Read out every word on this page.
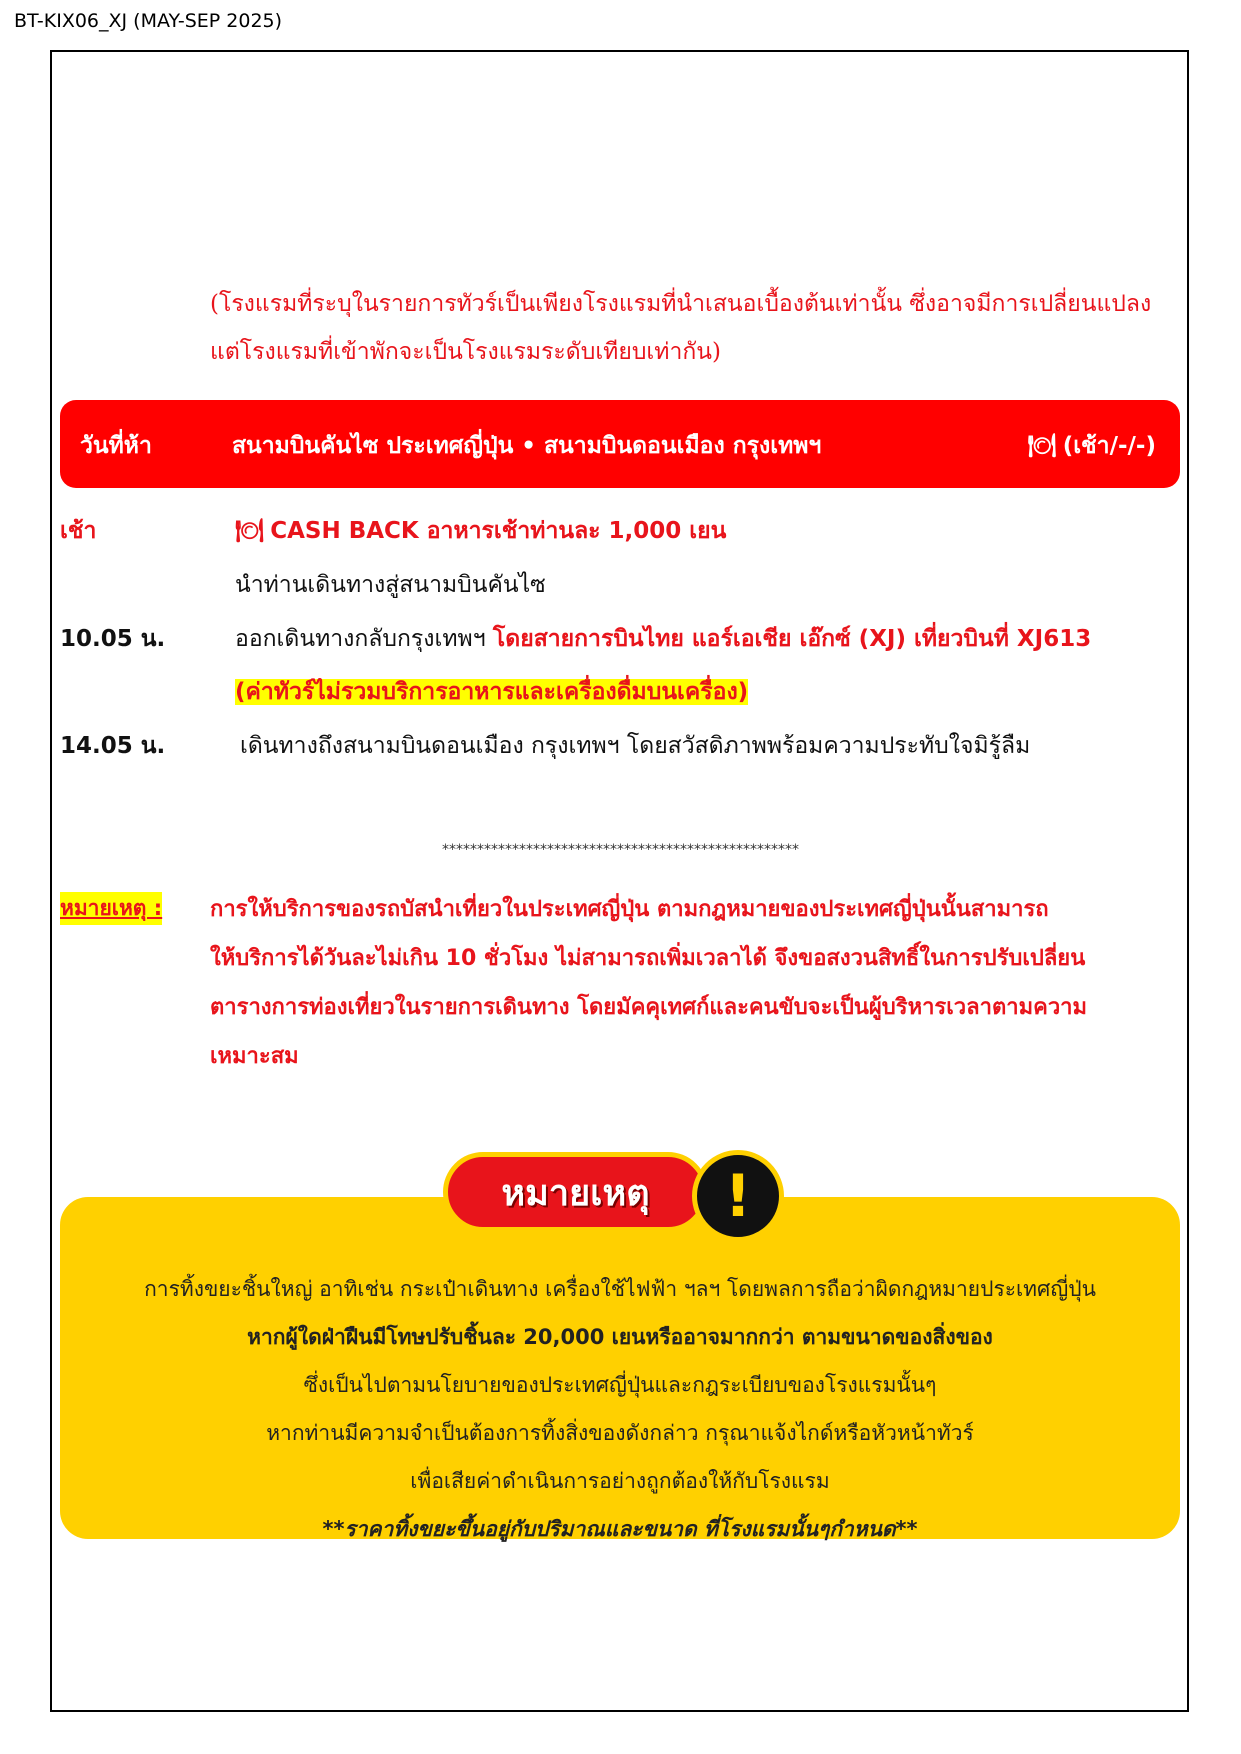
BT-KIX06_XJ (MAY-SEP 2025)

(โรงแรมที่ระบุในรายการทัวร์เป็นเพียงโรงแรมที่นำเสนอเบื้องต้นเท่านั้น ซึ่งอาจมีการเปลี่ยนแปลง
แต่โรงแรมที่เข้าพักจะเป็นโรงแรมระดับเทียบเท่ากัน)

วันที่ห้า	สนามบินคันไซ ประเทศญี่ปุ่น • สนามบินดอนเมือง กรุงเทพฯ	🍽 (เช้า/-/-)
เช้า	🍽 CASH BACK อาหารเช้าท่านละ 1,000 เยน
นำท่านเดินทางสู่สนามบินคันไซ
10.05 น.	ออกเดินทางกลับกรุงเทพฯ โดยสายการบินไทย แอร์เอเชีย เอ๊กซ์ (XJ) เที่ยวบินที่ XJ613
(ค่าทัวร์ไม่รวมบริการอาหารและเครื่องดื่มบนเครื่อง)
14.05 น.	เดินทางถึงสนามบินดอนเมือง กรุงเทพฯ โดยสวัสดิภาพพร้อมความประทับใจมิรู้ลืม
***************************************************
หมายเหตุ : การให้บริการของรถบัสนำเที่ยวในประเทศญี่ปุ่น ตามกฎหมายของประเทศญี่ปุ่นนั้นสามารถ
ให้บริการได้วันละไม่เกิน 10 ชั่วโมง ไม่สามารถเพิ่มเวลาได้ จึงขอสงวนสิทธิ์ในการปรับเปลี่ยน
ตารางการท่องเที่ยวในรายการเดินทาง โดยมัคคุเทศก์และคนขับจะเป็นผู้บริหารเวลาตามความ
เหมาะสม
หมายเหตุ	!
การทิ้งขยะชิ้นใหญ่ อาทิเช่น กระเป๋าเดินทาง เครื่องใช้ไฟฟ้า ฯลฯ โดยพลการถือว่าผิดกฎหมายประเทศญี่ปุ่น
หากผู้ใดฝ่าฝืนมีโทษปรับชิ้นละ 20,000 เยนหรืออาจมากกว่า ตามขนาดของสิ่งของ
ซึ่งเป็นไปตามนโยบายของประเทศญี่ปุ่นและกฎระเบียบของโรงแรมนั้นๆ
หากท่านมีความจำเป็นต้องการทิ้งสิ่งของดังกล่าว กรุณาแจ้งไกด์หรือหัวหน้าทัวร์
เพื่อเสียค่าดำเนินการอย่างถูกต้องให้กับโรงแรม
**ราคาทิ้งขยะขึ้นอยู่กับปริมาณและขนาด ที่โรงแรมนั้นๆกำหนด**
